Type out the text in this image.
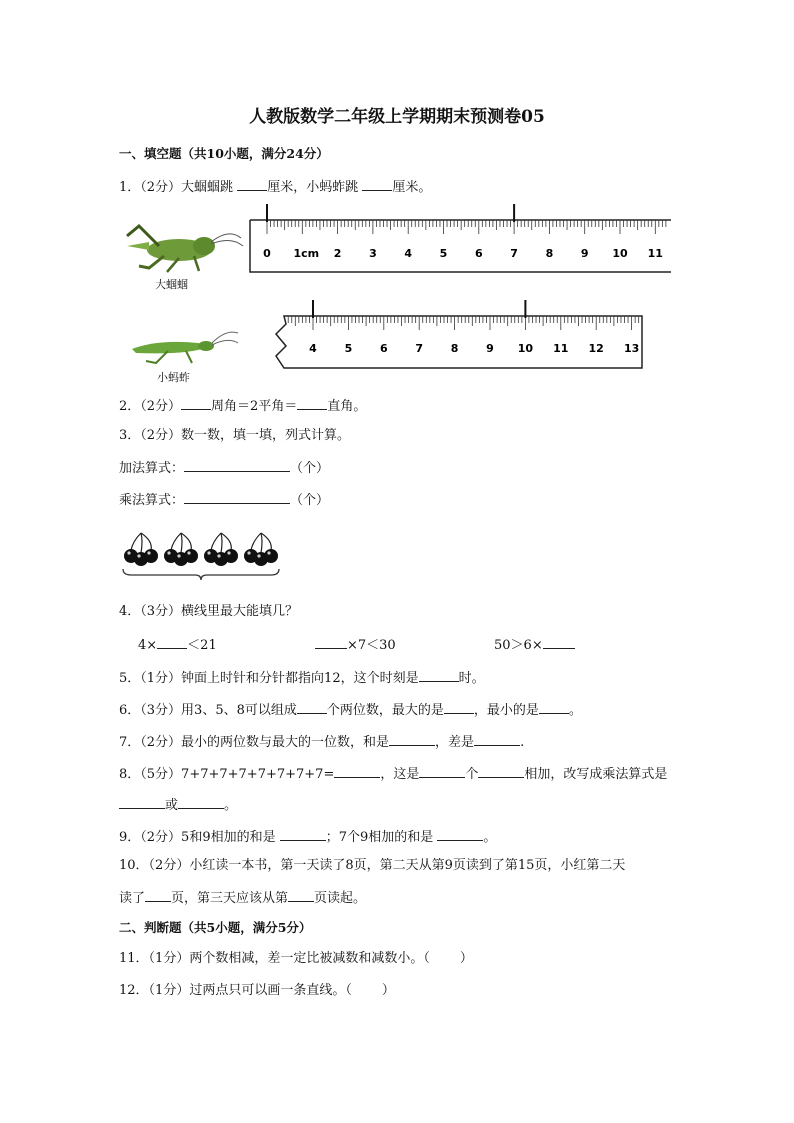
人教版数学二年级上学期期末预测卷05
一、填空题（共10小题，满分24分）
1．（2分）大蝈蝈跳	厘米，小蚂蚱跳	厘米。
大蝈蝈
0 1cm 2	3	4	5	6	7	8	9 10 11
小蚂蚱
4	5	6	7	8	9 10 11 12 13
2．（2分） 周角＝2平角＝ 直角。
3．（2分）数一数，填一填，列式计算。
加法算式：	（个）
乘法算式：	（个）
4．（3分）横线里最大能填几？
4× ＜21	×7＜30	50＞6×
5．（1分）钟面上时针和分针都指向12，这个时刻是	时。
6．（3分）用3、5、8可以组成 个两位数，最大的是 ，最小的是 。
7．（2分）最小的两位数与最大的一位数，和是	，差是	.
8．（5分）7+7+7+7+7+7+7+7=	，这是	个	相加，改写成乘法算式是
或	。
9．（2分）5和9相加的和是	；7个9相加的和是	。
10．（2分）小红读一本书，第一天读了8页，第二天从第9页读到了第15页，小红第二天
读了 页，第三天应该从第 页读起。
二、判断题（共5小题，满分5分）
11．（1分）两个数相减，差一定比被减数和减数小。（ ）
12．（1分）过两点只可以画一条直线。（ ）
